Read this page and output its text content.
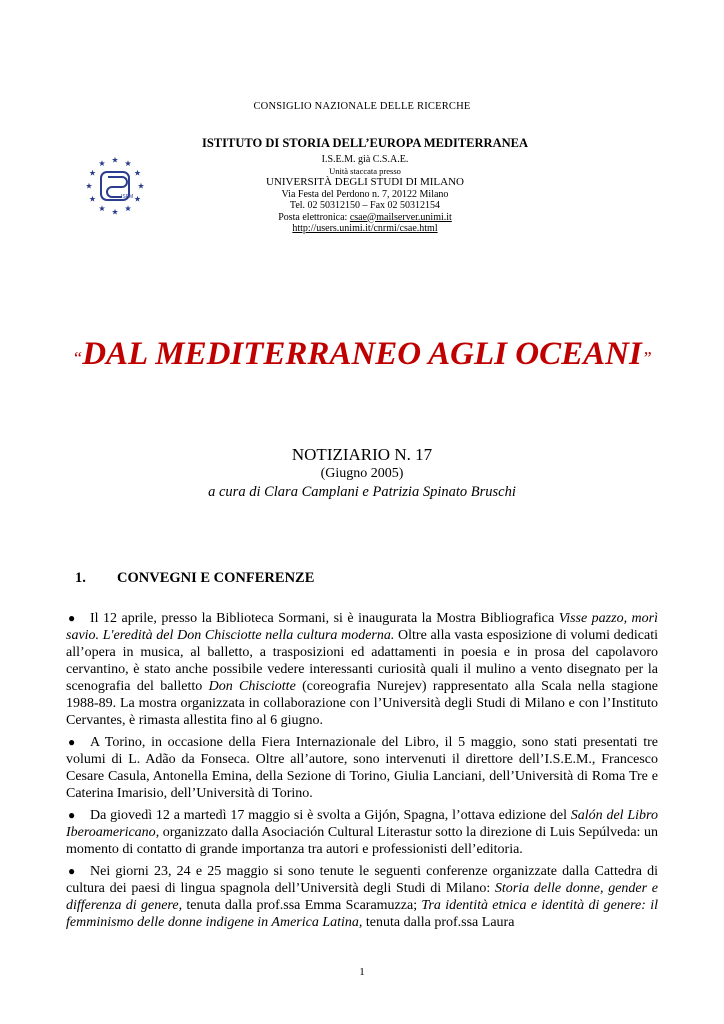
CONSIGLIO NAZIONALE DELLE RICERCHE
ISEM
ISTITUTO DI STORIA DELL’EUROPA MEDITERRANEA
I.S.E.M. già C.S.A.E.
Unità staccata presso
UNIVERSITÀ DEGLI STUDI DI MILANO
Via Festa del Perdono n. 7, 20122 Milano
Tel. 02 50312150 – Fax 02 50312154
Posta elettronica: csae@mailserver.unimi.it
http://users.unimi.it/cnrmi/csae.html
“DAL MEDITERRANEO AGLI OCEANI”
NOTIZIARIO N. 17
(Giugno 2005)
a cura di Clara Camplani e Patrizia Spinato Bruschi
1. CONVEGNI E CONFERENZE

● Il 12 aprile, presso la Biblioteca Sormani, si è inaugurata la Mostra Bibliografica Visse pazzo, morì savio. L'eredità del Don Chisciotte nella cultura moderna. Oltre alla vasta esposizione di volumi dedicati all’opera in musica, al balletto, a trasposizioni ed adattamenti in poesia e in prosa del capolavoro cervantino, è stato anche possibile vedere interessanti curiosità quali il mulino a vento disegnato per la scenografia del balletto Don Chisciotte (coreografia Nurejev) rappresentato alla Scala nella stagione 1988-89. La mostra organizzata in collaborazione con l’Università degli Studi di Milano e con l’Instituto Cervantes, è rimasta allestita fino al 6 giugno.

● A Torino, in occasione della Fiera Internazionale del Libro, il 5 maggio, sono stati presentati tre volumi di L. Adão da Fonseca. Oltre all’autore, sono intervenuti il direttore dell’I.S.E.M., Francesco Cesare Casula, Antonella Emina, della Sezione di Torino, Giulia Lanciani, dell’Università di Roma Tre e Caterina Imarisio, dell’Università di Torino.

● Da giovedì 12 a martedì 17 maggio si è svolta a Gijón, Spagna, l’ottava edizione del Salón del Libro Iberoamericano, organizzato dalla Asociación Cultural Literastur sotto la direzione di Luis Sepúlveda: un momento di contatto di grande importanza tra autori e professionisti dell’editoria.

● Nei giorni 23, 24 e 25 maggio si sono tenute le seguenti conferenze organizzate dalla Cattedra di cultura dei paesi di lingua spagnola dell’Università degli Studi di Milano: Storia delle donne, gender e differenza di genere, tenuta dalla prof.ssa Emma Scaramuzza; Tra identità etnica e identità di genere: il femminismo delle donne indigene in America Latina, tenuta dalla prof.ssa Laura

1
